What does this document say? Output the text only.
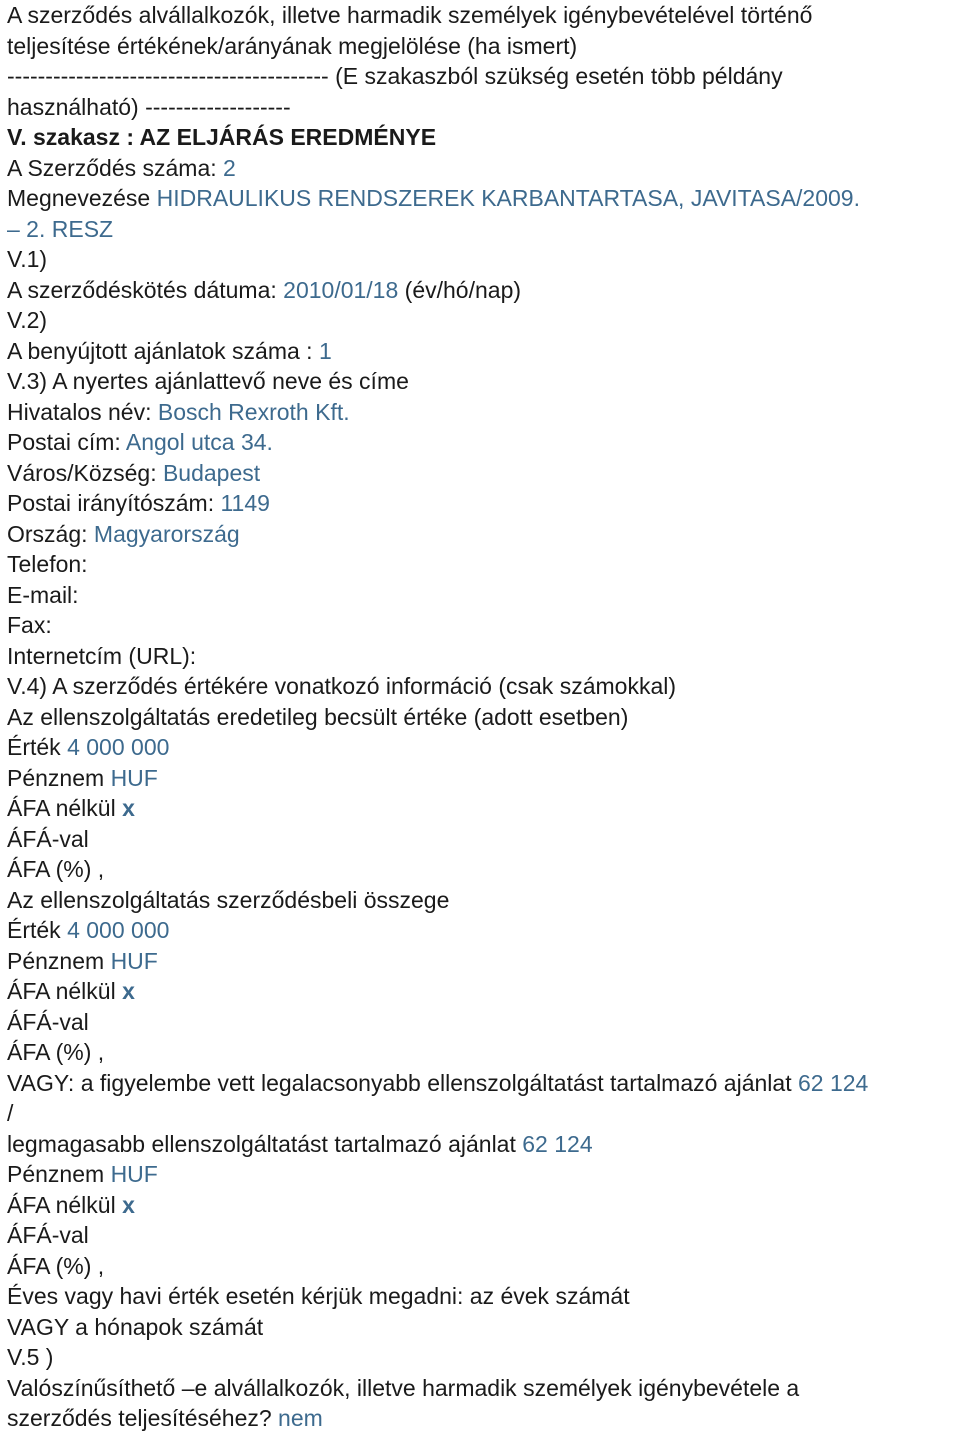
A szerződés alvállalkozók, illetve harmadik személyek igénybevételével történő
teljesítése értékének/arányának megjelölése (ha ismert)
------------------------------------------ (E szakaszból szükség esetén több példány
használható) -------------------
V. szakasz : AZ ELJÁRÁS EREDMÉNYE
A Szerződés száma: 2
Megnevezése HIDRAULIKUS RENDSZEREK KARBANTARTASA, JAVITASA/2009.
– 2. RESZ
V.1)
A szerződéskötés dátuma: 2010/01/18 (év/hó/nap)
V.2)
A benyújtott ajánlatok száma : 1
V.3) A nyertes ajánlattevő neve és címe
Hivatalos név: Bosch Rexroth Kft.
Postai cím: Angol utca 34.
Város/Község: Budapest
Postai irányítószám: 1149
Ország: Magyarország
Telefon:
E-mail:
Fax:
Internetcím (URL):
V.4) A szerződés értékére vonatkozó információ (csak számokkal)
Az ellenszolgáltatás eredetileg becsült értéke (adott esetben)
Érték 4 000 000
Pénznem HUF
ÁFA nélkül x
ÁFÁ-val
ÁFA (%) ,
Az ellenszolgáltatás szerződésbeli összege
Érték 4 000 000
Pénznem HUF
ÁFA nélkül x
ÁFÁ-val
ÁFA (%) ,
VAGY: a figyelembe vett legalacsonyabb ellenszolgáltatást tartalmazó ajánlat 62 124
/
legmagasabb ellenszolgáltatást tartalmazó ajánlat 62 124
Pénznem HUF
ÁFA nélkül x
ÁFÁ-val
ÁFA (%) ,
Éves vagy havi érték esetén kérjük megadni: az évek számát
VAGY a hónapok számát
V.5 )
Valószínűsíthető –e alvállalkozók, illetve harmadik személyek igénybevétele a
szerződés teljesítéséhez? nem
